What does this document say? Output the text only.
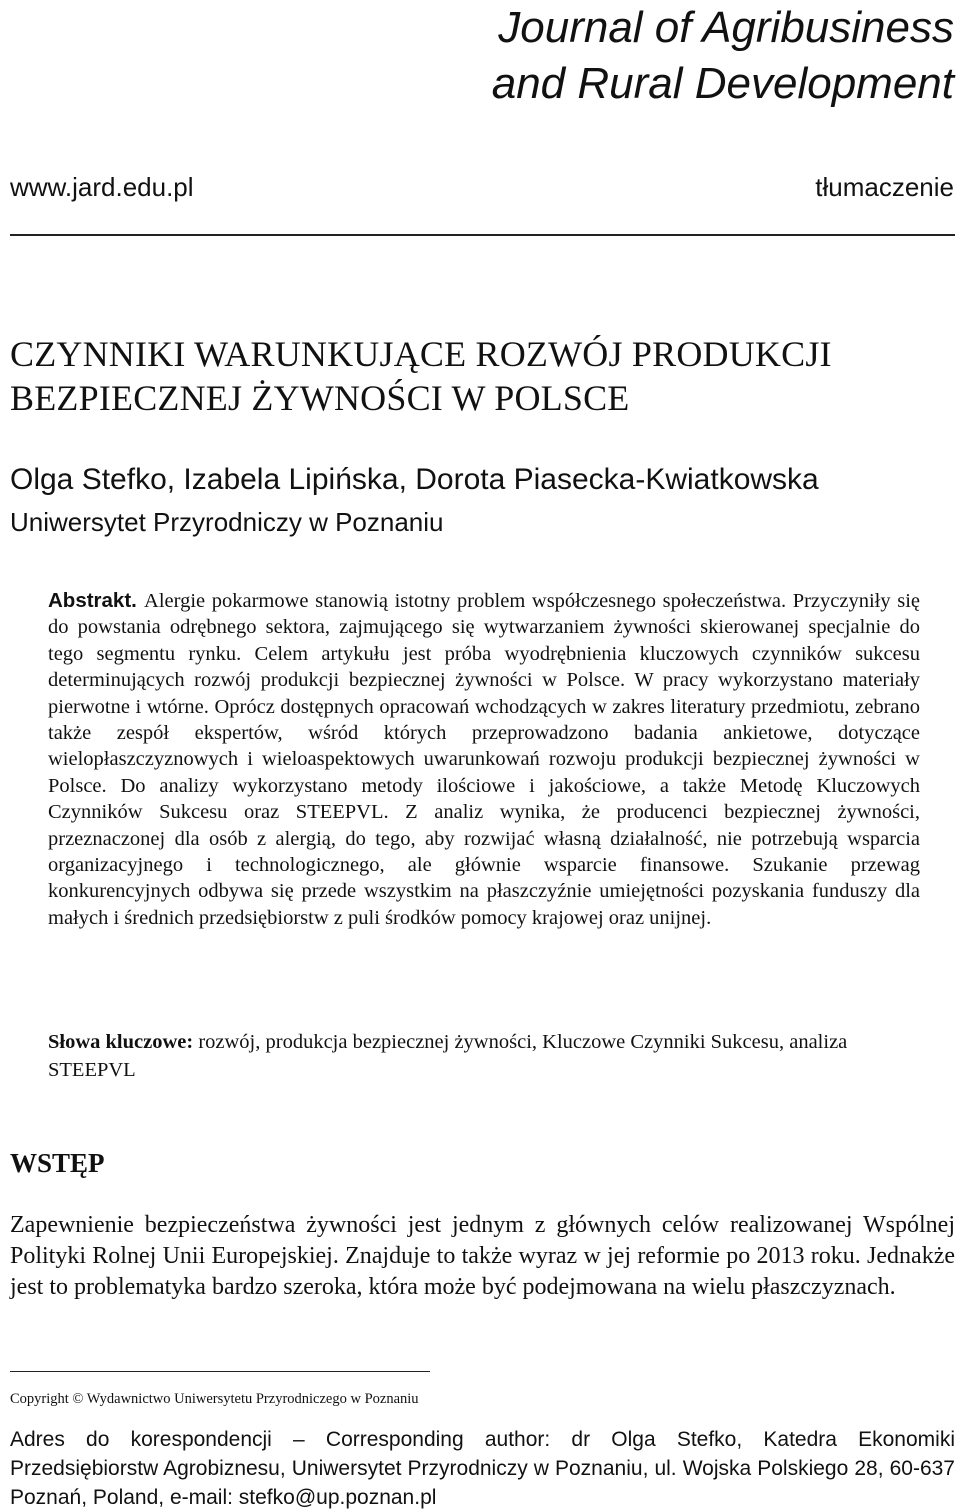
Journal of Agribusiness
and Rural Development
www.jard.edu.pl	tłumaczenie
CZYNNIKI WARUNKUJĄCE ROZWÓJ PRODUKCJI
BEZPIECZNEJ ŻYWNOŚCI W POLSCE
Olga Stefko, Izabela Lipińska, Dorota Piasecka-Kwiatkowska
Uniwersytet Przyrodniczy w Poznaniu
Abstrakt. Alergie pokarmowe stanowią istotny problem współczesnego społeczeństwa. Przyczyniły się do powstania odrębnego sektora, zajmującego się wytwarzaniem żywności skierowanej specjalnie do tego segmentu rynku. Celem artykułu jest próba wyodrębnienia kluczowych czynników sukcesu determinujących rozwój produkcji bezpiecznej żywności w Polsce. W pracy wykorzystano materiały pierwotne i wtórne. Oprócz dostępnych opracowań wchodzących w zakres literatury przedmiotu, zebrano także zespół ekspertów, wśród których przeprowadzono badania ankietowe, dotyczące wielopłaszczyznowych i wieloaspektowych uwarunkowań rozwoju produkcji bezpiecznej żywności w Polsce. Do analizy wykorzystano metody ilościowe i jakościowe, a także Metodę Kluczowych Czynników Sukcesu oraz STEEPVL. Z analiz wynika, że producenci bezpiecznej żywności, przeznaczonej dla osób z alergią, do tego, aby rozwijać własną działalność, nie potrzebują wsparcia organizacyjnego i technologicznego, ale głównie wsparcie finansowe. Szukanie przewag konkurencyjnych odbywa się przede wszystkim na płaszczyźnie umiejętności pozyskania funduszy dla małych i średnich przedsiębiorstw z puli środków pomocy krajowej oraz unijnej.
Słowa kluczowe: rozwój, produkcja bezpiecznej żywności, Kluczowe Czynniki Sukcesu, analiza STEEPVL
WSTĘP
Zapewnienie bezpieczeństwa żywności jest jednym z głównych celów realizowanej Wspólnej Polityki Rolnej Unii Europejskiej. Znajduje to także wyraz w jej reformie po 2013 roku. Jednakże jest to problematyka bardzo szeroka, która może być podejmowana na wielu płaszczyznach.
Copyright © Wydawnictwo Uniwersytetu Przyrodniczego w Poznaniu
Adres do korespondencji – Corresponding author: dr Olga Stefko, Katedra Ekonomiki Przedsiębiorstw Agrobiznesu, Uniwersytet Przyrodniczy w Poznaniu, ul. Wojska Polskiego 28, 60-637 Poznań, Poland, e-mail: stefko@up.poznan.pl
